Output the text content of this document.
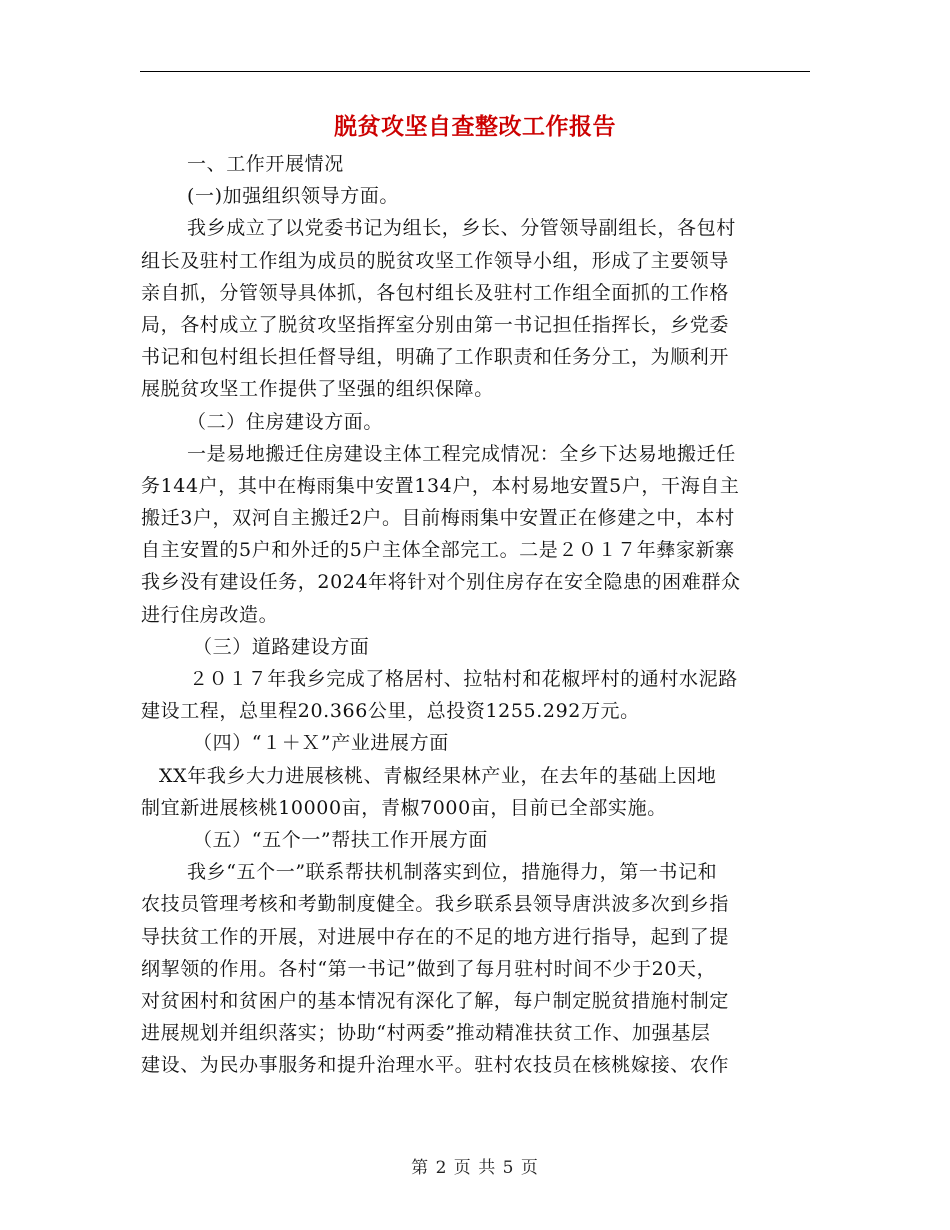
脱贫攻坚自查整改工作报告
一、工作开展情况
(一)加强组织领导方面。
我乡成立了以党委书记为组长，乡长、分管领导副组长，各包村
组长及驻村工作组为成员的脱贫攻坚工作领导小组，形成了主要领导
亲自抓，分管领导具体抓，各包村组长及驻村工作组全面抓的工作格
局，各村成立了脱贫攻坚指挥室分别由第一书记担任指挥长，乡党委
书记和包村组长担任督导组，明确了工作职责和任务分工，为顺利开
展脱贫攻坚工作提供了坚强的组织保障。
（二）住房建设方面。
一是易地搬迁住房建设主体工程完成情况：全乡下达易地搬迁任
务144户，其中在梅雨集中安置134户，本村易地安置5户，干海自主
搬迁3户，双河自主搬迁2户。目前梅雨集中安置正在修建之中，本村
自主安置的5户和外迁的5户主体全部完工。二是２０１７年彝家新寨
我乡没有建设任务，2024年将针对个别住房存在安全隐患的困难群众
进行住房改造。
（三）道路建设方面
２０１７年我乡完成了格居村、拉牯村和花椒坪村的通村水泥路
建设工程，总里程20.366公里，总投资1255.292万元。
（四）“１＋Ｘ”产业进展方面
XX年我乡大力进展核桃、青椒经果林产业，在去年的基础上因地
制宜新进展核桃10000亩，青椒7000亩，目前已全部实施。
（五）“五个一”帮扶工作开展方面
我乡“五个一”联系帮扶机制落实到位，措施得力，第一书记和
农技员管理考核和考勤制度健全。我乡联系县领导唐洪波多次到乡指
导扶贫工作的开展，对进展中存在的不足的地方进行指导，起到了提
纲挈领的作用。各村“第一书记”做到了每月驻村时间不少于20天，
对贫困村和贫困户的基本情况有深化了解，每户制定脱贫措施村制定
进展规划并组织落实；协助“村两委”推动精准扶贫工作、加强基层
建设、为民办事服务和提升治理水平。驻村农技员在核桃嫁接、农作
第 2 页 共 5 页
